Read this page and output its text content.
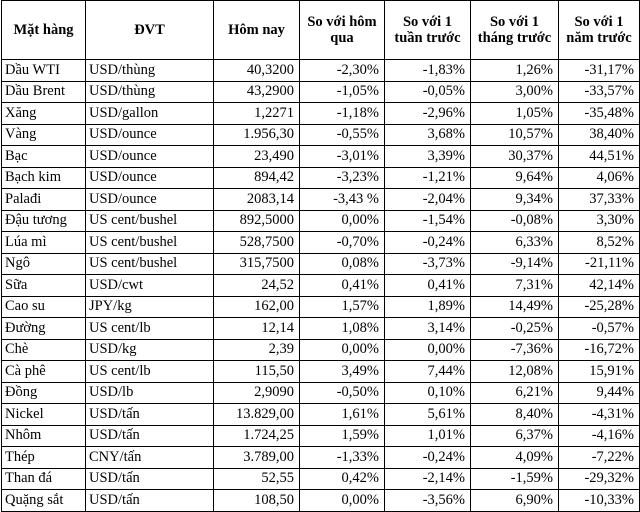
Mặt hàng	ĐVT	Hôm nay	So với hôm qua	So với 1 tuần trước	So với 1 tháng trước	So với 1 năm trước
Dầu WTI	USD/thùng	40,3200	-2,30%	-1,83%	1,26%	-31,17%
Dầu Brent	USD/thùng	43,2900	-1,05%	-0,05%	3,00%	-33,57%
Xăng	USD/gallon	1,2271	-1,18%	-2,96%	1,05%	-35,48%
Vàng	USD/ounce	1.956,30	-0,55%	3,68%	10,57%	38,40%
Bạc	USD/ounce	23,490	-3,01%	3,39%	30,37%	44,51%
Bạch kim	USD/ounce	894,42	-3,23%	-1,21%	9,64%	4,06%
Palađi	USD/ounce	2083,14	-3,43 %	-2,04%	9,34%	37,33%
Đậu tương	US cent/bushel	892,5000	0,00%	-1,54%	-0,08%	3,30%
Lúa mì	US cent/bushel	528,7500	-0,70%	-0,24%	6,33%	8,52%
Ngô	US cent/bushel	315,7500	0,08%	-3,73%	-9,14%	-21,11%
Sữa	USD/cwt	24,52	0,41%	0,41%	7,31%	42,14%
Cao su	JPY/kg	162,00	1,57%	1,89%	14,49%	-25,28%
Đường	US cent/lb	12,14	1,08%	3,14%	-0,25%	-0,57%
Chè	USD/kg	2,39	0,00%	0,00%	-7,36%	-16,72%
Cà phê	US cent/lb	115,50	3,49%	7,44%	12,08%	15,91%
Đồng	USD/lb	2,9090	-0,50%	0,10%	6,21%	9,44%
Nickel	USD/tấn	13.829,00	1,61%	5,61%	8,40%	-4,31%
Nhôm	USD/tấn	1.724,25	1,59%	1,01%	6,37%	-4,16%
Thép	CNY/tấn	3.789,00	-1,33%	-0,24%	4,09%	-7,22%
Than đá	USD/tấn	52,55	0,42%	-2,14%	-1,59%	-29,32%
Quặng sắt	USD/tấn	108,50	0,00%	-3,56%	6,90%	-10,33%
